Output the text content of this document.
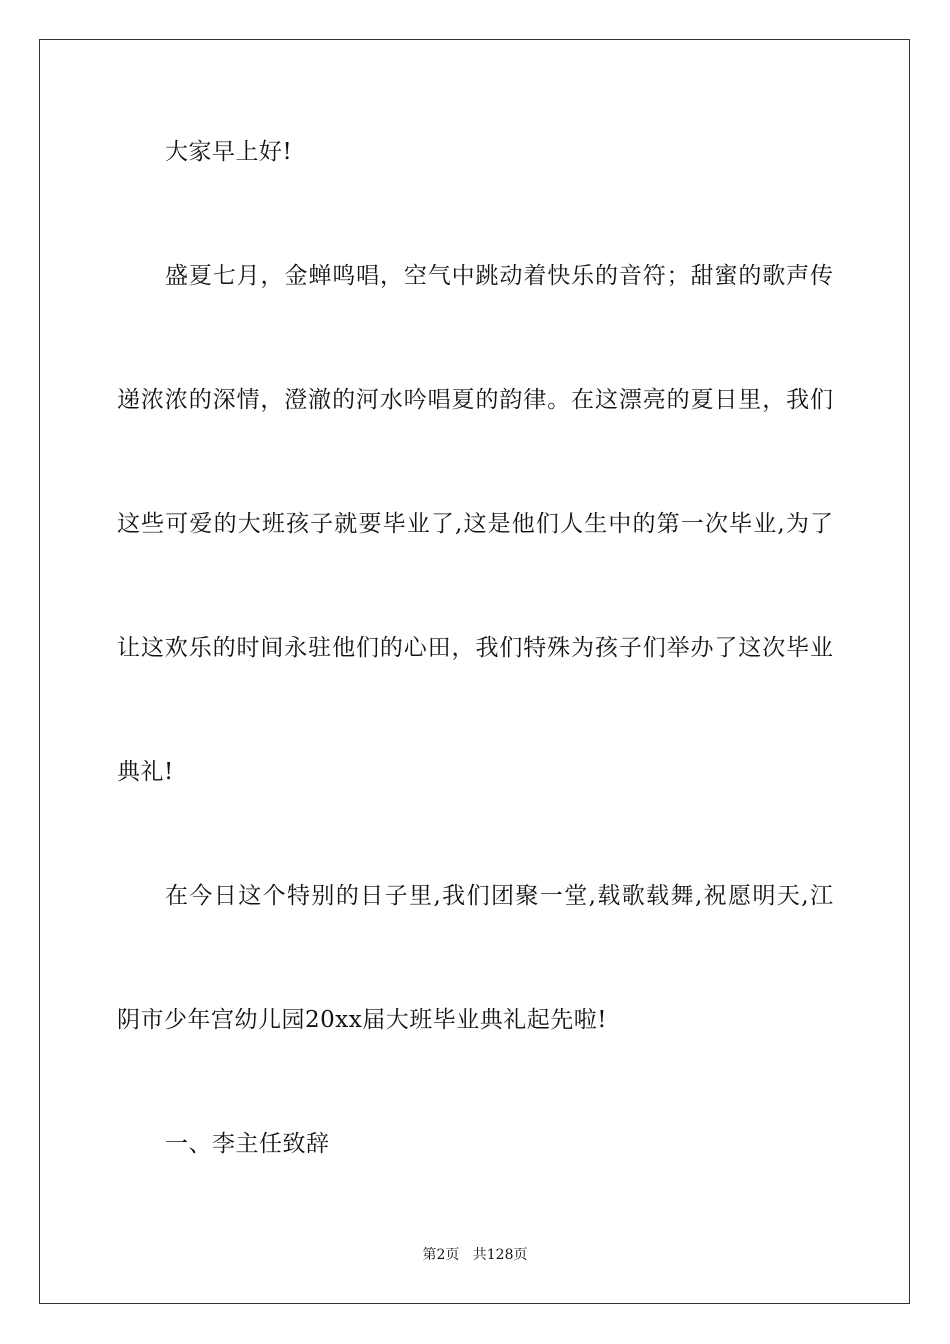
大家早上好!
盛夏七月，金蝉鸣唱，空气中跳动着快乐的音符；甜蜜的歌声传
递浓浓的深情，澄澈的河水吟唱夏的韵律。在这漂亮的夏日里，我们
这些可爱的大班孩子就要毕业了,这是他们人生中的第一次毕业,为了
让这欢乐的时间永驻他们的心田，我们特殊为孩子们举办了这次毕业
典礼!
在今日这个特别的日子里,我们团聚一堂,载歌载舞,祝愿明天,江
阴市少年宫幼儿园20xx届大班毕业典礼起先啦!
一、李主任致辞
第2页 共128页
